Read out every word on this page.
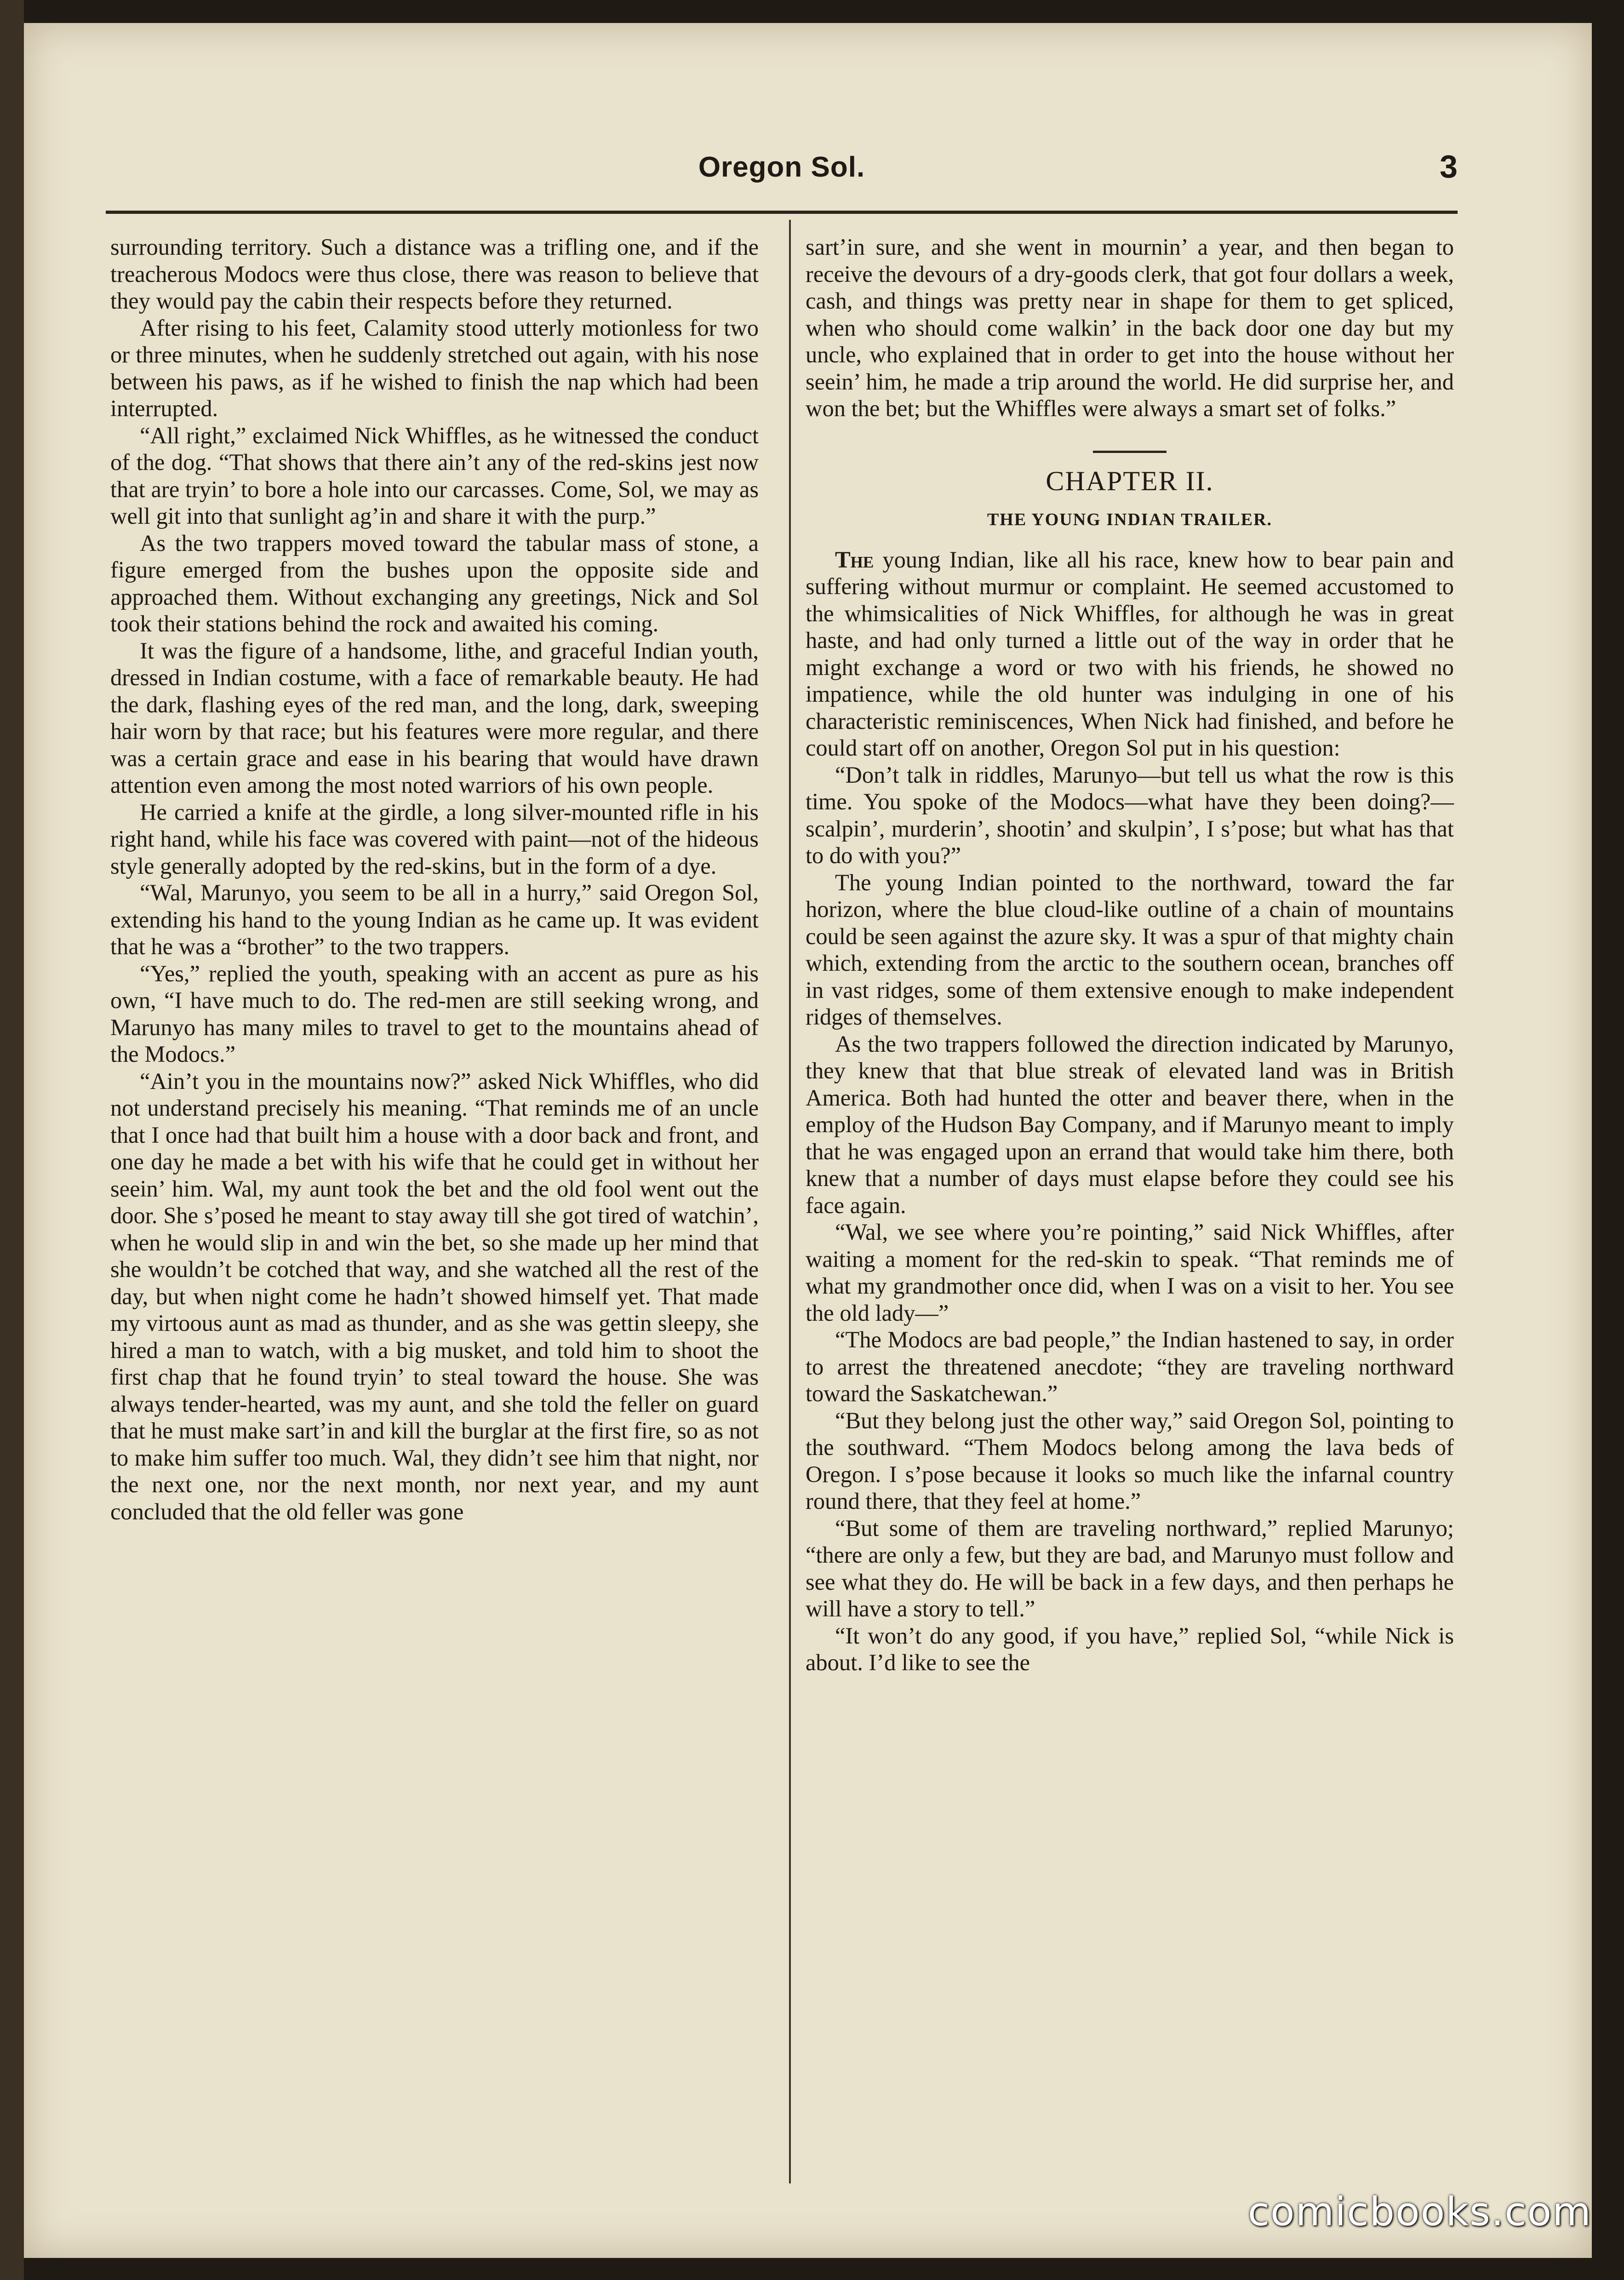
Oregon Sol.	3

surrounding territory. Such a distance was a trifling one, and if the treacherous Modocs were thus close, there was reason to believe that they would pay the cabin their respects before they returned.

After rising to his feet, Calamity stood utterly motionless for two or three minutes, when he suddenly stretched out again, with his nose between his paws, as if he wished to finish the nap which had been interrupted.

“All right,” exclaimed Nick Whiffles, as he witnessed the conduct of the dog. “That shows that there ain’t any of the red-skins jest now that are tryin’ to bore a hole into our carcasses. Come, Sol, we may as well git into that sunlight ag’in and share it with the purp.”

As the two trappers moved toward the tabular mass of stone, a figure emerged from the bushes upon the opposite side and approached them. Without exchanging any greetings, Nick and Sol took their stations behind the rock and awaited his coming.

It was the figure of a handsome, lithe, and graceful Indian youth, dressed in Indian costume, with a face of remarkable beauty. He had the dark, flashing eyes of the red man, and the long, dark, sweeping hair worn by that race; but his features were more regular, and there was a certain grace and ease in his bearing that would have drawn attention even among the most noted warriors of his own people.

He carried a knife at the girdle, a long silver-mounted rifle in his right hand, while his face was covered with paint—not of the hideous style generally adopted by the red-skins, but in the form of a dye.

“Wal, Marunyo, you seem to be all in a hurry,” said Oregon Sol, extending his hand to the young Indian as he came up. It was evident that he was a “brother” to the two trappers.

“Yes,” replied the youth, speaking with an accent as pure as his own, “I have much to do. The red-men are still seeking wrong, and Marunyo has many miles to travel to get to the mountains ahead of the Modocs.”

“Ain’t you in the mountains now?” asked Nick Whiffles, who did not understand precisely his meaning. “That reminds me of an uncle that I once had that built him a house with a door back and front, and one day he made a bet with his wife that he could get in without her seein’ him. Wal, my aunt took the bet and the old fool went out the door. She s’posed he meant to stay away till she got tired of watchin’, when he would slip in and win the bet, so she made up her mind that she wouldn’t be cotched that way, and she watched all the rest of the day, but when night come he hadn’t showed himself yet. That made my virtoous aunt as mad as thunder, and as she was gettin sleepy, she hired a man to watch, with a big musket, and told him to shoot the first chap that he found tryin’ to steal toward the house. She was always tender-hearted, was my aunt, and she told the feller on guard that he must make sart’in and kill the burglar at the first fire, so as not to make him suffer too much. Wal, they didn’t see him that night, nor the next one, nor the next month, nor next year, and my aunt concluded that the old feller was gone

sart’in sure, and she went in mournin’ a year, and then began to receive the devours of a dry-goods clerk, that got four dollars a week, cash, and things was pretty near in shape for them to get spliced, when who should come walkin’ in the back door one day but my uncle, who explained that in order to get into the house without her seein’ him, he made a trip around the world. He did surprise her, and won the bet; but the Whiffles were always a smart set of folks.”

CHAPTER II.
THE YOUNG INDIAN TRAILER.

The young Indian, like all his race, knew how to bear pain and suffering without murmur or complaint. He seemed accustomed to the whimsicalities of Nick Whiffles, for although he was in great haste, and had only turned a little out of the way in order that he might exchange a word or two with his friends, he showed no impatience, while the old hunter was indulging in one of his characteristic reminiscences, When Nick had finished, and before he could start off on another, Oregon Sol put in his question:

“Don’t talk in riddles, Marunyo—but tell us what the row is this time. You spoke of the Modocs—what have they been doing?—scalpin’, murderin’, shootin’ and skulpin’, I s’pose; but what has that to do with you?”

The young Indian pointed to the northward, toward the far horizon, where the blue cloud-like outline of a chain of mountains could be seen against the azure sky. It was a spur of that mighty chain which, extending from the arctic to the southern ocean, branches off in vast ridges, some of them extensive enough to make independent ridges of themselves.

As the two trappers followed the direction indicated by Marunyo, they knew that that blue streak of elevated land was in British America. Both had hunted the otter and beaver there, when in the employ of the Hudson Bay Company, and if Marunyo meant to imply that he was engaged upon an errand that would take him there, both knew that a number of days must elapse before they could see his face again.

“Wal, we see where you’re pointing,” said Nick Whiffles, after waiting a moment for the red-skin to speak. “That reminds me of what my grandmother once did, when I was on a visit to her. You see the old lady—”

“The Modocs are bad people,” the Indian hastened to say, in order to arrest the threatened anecdote; “they are traveling northward toward the Saskatchewan.”

“But they belong just the other way,” said Oregon Sol, pointing to the southward. “Them Modocs belong among the lava beds of Oregon. I s’pose because it looks so much like the infarnal country round there, that they feel at home.”

“But some of them are traveling northward,” replied Marunyo; “there are only a few, but they are bad, and Marunyo must follow and see what they do. He will be back in a few days, and then perhaps he will have a story to tell.”

“It won’t do any good, if you have,” replied Sol, “while Nick is about. I’d like to see the

comicbooks.com
